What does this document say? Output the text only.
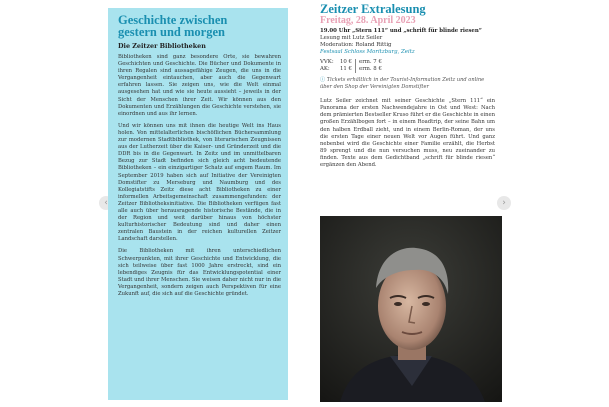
‹	›
Geschichte zwischen
gestern und morgen

Die Zeitzer Bibliotheken

Bibliotheken sind ganz besondere Orte, sie bewahren Geschichten und Geschichte. Die Bücher und Dokumente in ihren Regalen sind aussagefähige Zeugen, die uns in die Vergangenheit eintauchen, aber auch die Gegenwart erfahren lassen. Sie zeigen uns, wie die Welt einmal ausgesehen hat und wie sie heute aussieht – jeweils in der Sicht der Menschen ihrer Zeit. Wir können aus den Dokumenten und Erzählungen die Geschichte verstehen, sie einordnen und aus ihr lernen.

Und wir können uns mit ihnen die heutige Welt ins Haus holen. Von mittelalterlichen bischöflichen Büchersammlung zur modernen Stadtbibliothek, von literarischen Zeugnissen aus der Lutherzeit über die Kaiser- und Gründerzeit und die DDR bis in die Gegenwart. In Zeitz und im unmittelbaren Bezug zur Stadt befinden sich gleich acht bedeutende Bibliotheken – ein einzigartiger Schatz auf engem Raum. Im September 2019 haben sich auf Initiative der Vereinigten Domstifter zu Merseburg und Naumburg und des Kollegiatstifts Zeitz diese acht Bibliotheken zu einer informellen Arbeitsgemeinschaft zusammengefunden: der Zeitzer Bibliotheksinitiative. Die Bibliotheken verfügen fast alle auch über herausragende historische Bestände, die in der Region und weit darüber hinaus von höchster kulturhistorischer Bedeutung sind und daher einen zentralen Baustein in der reichen kulturellen Zeitzer Landschaft darstellen.

Die Bibliotheken mit ihren unterschiedlichen Schwerpunkten, mit ihrer Geschichte und Entwicklung, die sich teilweise über fast 1000 Jahre erstreckt, sind ein lebendiges Zeugnis für das Entwicklungspotential einer Stadt und ihrer Menschen. Sie weisen daher nicht nur in die Vergangenheit, sondern zeigen auch Perspektiven für eine Zukunft auf, die sich auf die Geschichte gründet.

Zeitzer Extralesung

Freitag, 28. April 2023

19.00 Uhr „Stern 111“ und „schrift für blinde riesen“

Lesung mit Lutz Seiler

Moderation: Roland Rittig

Festsaal Schloss Moritzburg, Zeitz

VVK:	10 €	erm. 7 €
AK:	11 €	erm. 8 €

ⓘ Tickets erhältlich in der Tourist-Information Zeitz und online über den Shop der Vereinigten Domstifter

Lutz Seiler zeichnet mit seiner Geschichte „Stern 111“ ein Panorama der ersten Nachwendejahre in Ost und West: Nach dem prämierten Bestseller Kruso führt er die Geschichte in einen großen Erzählbogen fort – in einem Roadtrip, der seine Bahn um den halben Erdball zieht, und in einem Berlin-Roman, der uns die ersten Tage einer neuen Welt vor Augen führt. Und ganz nebenbei wird die Geschichte einer Familie erzählt, die Herbst 89 sprengt und die nun versuchen muss, neu zueinander zu finden. Texte aus dem Gedichtband „schrift für blinde riesen“ ergänzen den Abend.
